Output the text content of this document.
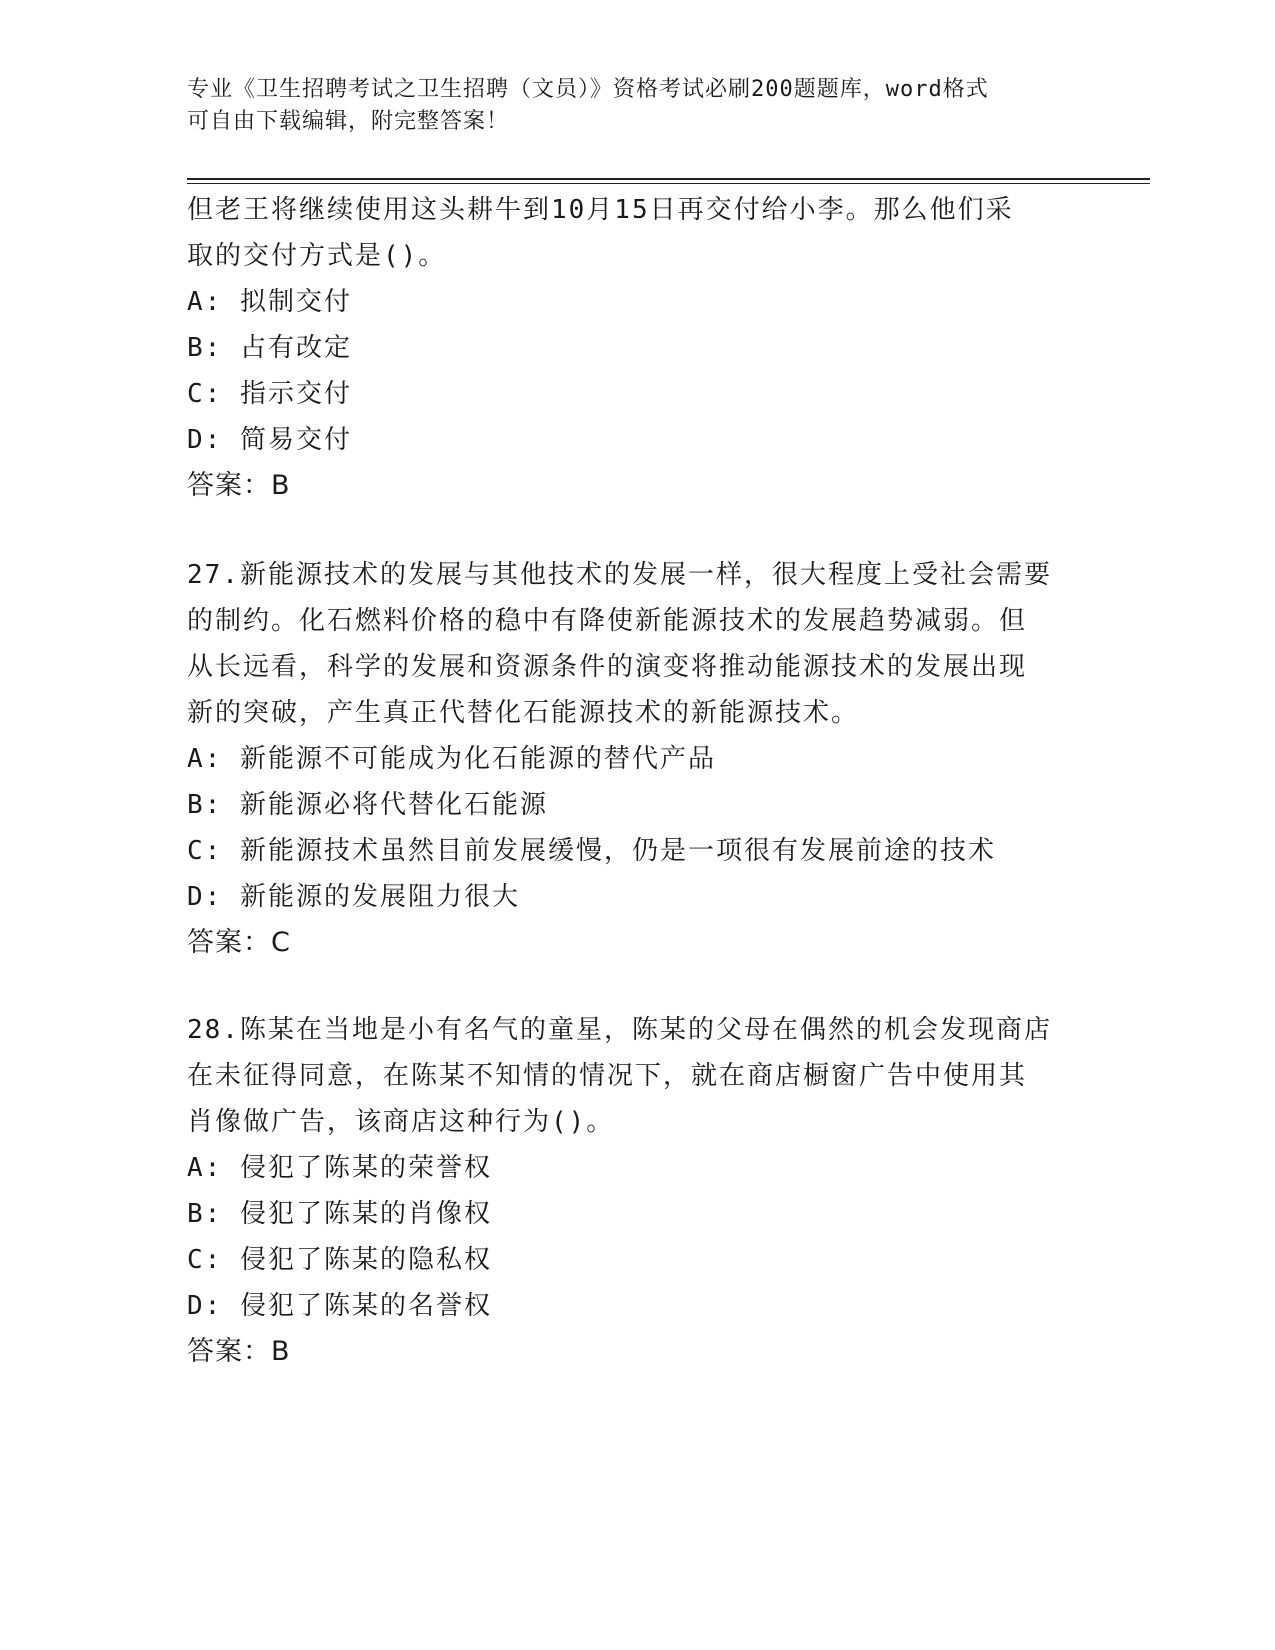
专业《卫生招聘考试之卫生招聘（文员）》资格考试必刷200题题库，word格式
可自由下载编辑，附完整答案！
但老王将继续使用这头耕牛到10月15日再交付给小李。那么他们采
取的交付方式是()。
A: 拟制交付
B: 占有改定
C: 指示交付
D: 简易交付
答案：B
27.新能源技术的发展与其他技术的发展一样，很大程度上受社会需要
的制约。化石燃料价格的稳中有降使新能源技术的发展趋势减弱。但
从长远看，科学的发展和资源条件的演变将推动能源技术的发展出现
新的突破，产生真正代替化石能源技术的新能源技术。
A: 新能源不可能成为化石能源的替代产品
B: 新能源必将代替化石能源
C: 新能源技术虽然目前发展缓慢，仍是一项很有发展前途的技术
D: 新能源的发展阻力很大
答案：C
28.陈某在当地是小有名气的童星，陈某的父母在偶然的机会发现商店
在未征得同意，在陈某不知情的情况下，就在商店橱窗广告中使用其
肖像做广告，该商店这种行为()。
A: 侵犯了陈某的荣誉权
B: 侵犯了陈某的肖像权
C: 侵犯了陈某的隐私权
D: 侵犯了陈某的名誉权
答案：B
